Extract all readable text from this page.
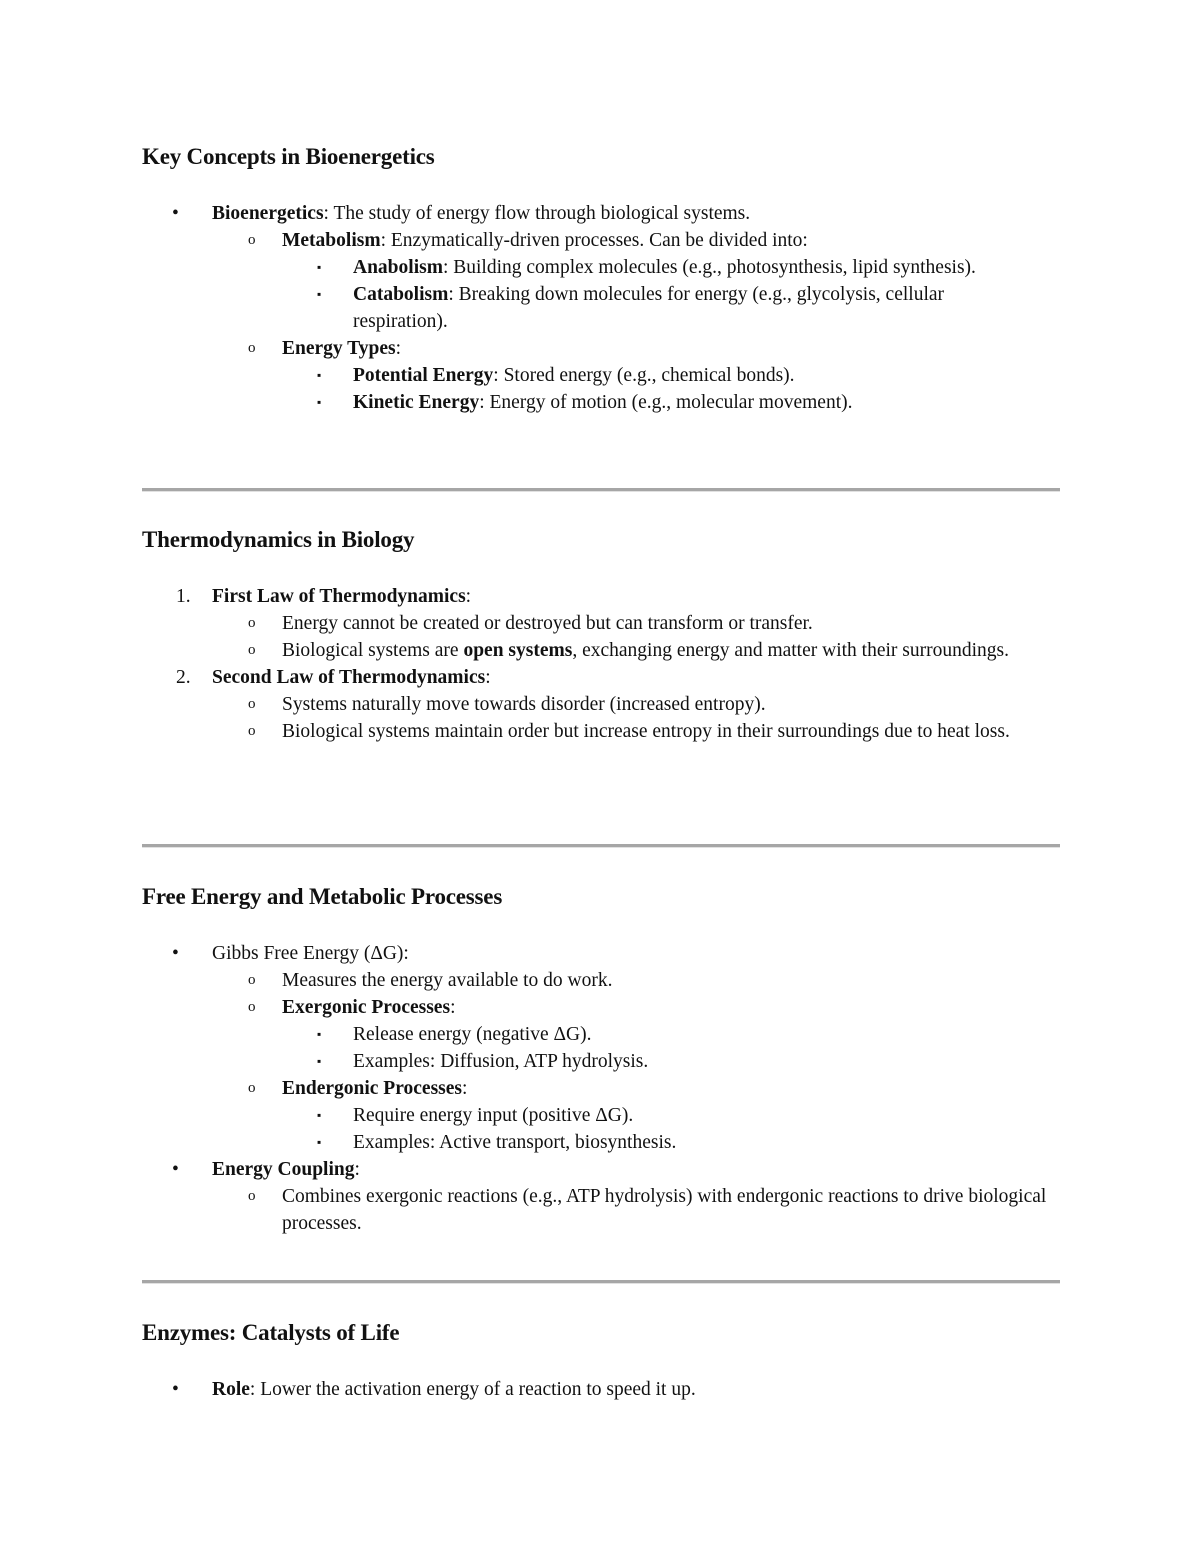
Key Concepts in Bioenergetics
• Bioenergetics: The study of energy flow through biological systems.
o Metabolism: Enzymatically-driven processes. Can be divided into:
▪ Anabolism: Building complex molecules (e.g., photosynthesis, lipid synthesis).
▪ Catabolism: Breaking down molecules for energy (e.g., glycolysis, cellular respiration).
o Energy Types:
▪ Potential Energy: Stored energy (e.g., chemical bonds).
▪ Kinetic Energy: Energy of motion (e.g., molecular movement).
Thermodynamics in Biology
1. First Law of Thermodynamics:
o Energy cannot be created or destroyed but can transform or transfer.
o Biological systems are open systems, exchanging energy and matter with their surroundings.
2. Second Law of Thermodynamics:
o Systems naturally move towards disorder (increased entropy).
o Biological systems maintain order but increase entropy in their surroundings due to heat loss.
Free Energy and Metabolic Processes
• Gibbs Free Energy (ΔG):
o Measures the energy available to do work.
o Exergonic Processes:
▪ Release energy (negative ΔG).
▪ Examples: Diffusion, ATP hydrolysis.
o Endergonic Processes:
▪ Require energy input (positive ΔG).
▪ Examples: Active transport, biosynthesis.
• Energy Coupling:
o Combines exergonic reactions (e.g., ATP hydrolysis) with endergonic reactions to drive biological processes.
Enzymes: Catalysts of Life
• Role: Lower the activation energy of a reaction to speed it up.
